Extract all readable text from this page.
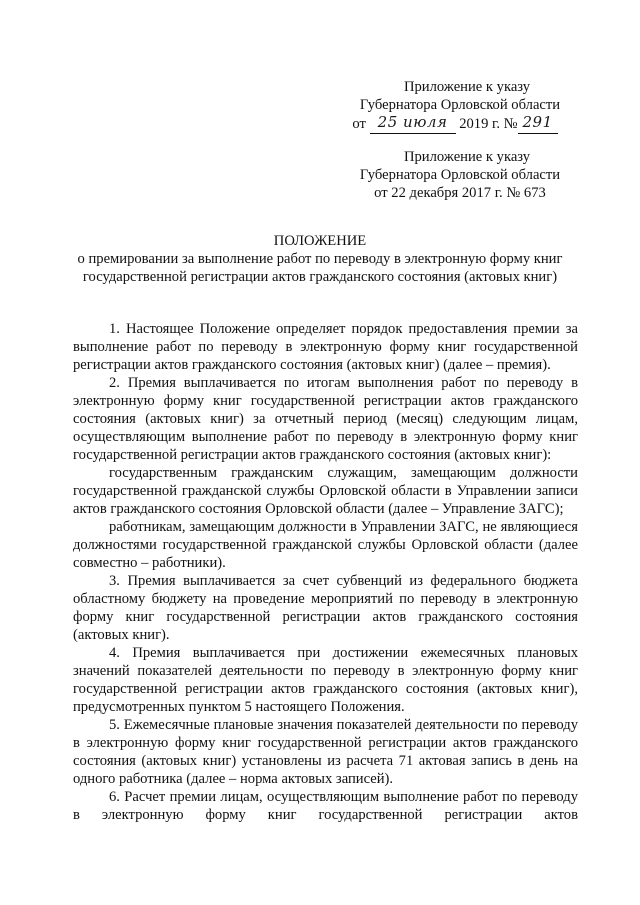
Приложение к указу
Губернатора Орловской области
от 25 июля 2019 г. № 291
Приложение к указу
Губернатора Орловской области
от 22 декабря 2017 г. № 673
ПОЛОЖЕНИЕ
о премировании за выполнение работ по переводу в электронную форму книг
государственной регистрации актов гражданского состояния (актовых книг)

1. Настоящее Положение определяет порядок предоставления премии за выполнение работ по переводу в электронную форму книг государственной регистрации актов гражданского состояния (актовых книг) (далее – премия).

2. Премия выплачивается по итогам выполнения работ по переводу в электронную форму книг государственной регистрации актов гражданского состояния (актовых книг) за отчетный период (месяц) следующим лицам, осуществляющим выполнение работ по переводу в электронную форму книг государственной регистрации актов гражданского состояния (актовых книг):

государственным гражданским служащим, замещающим должности государственной гражданской службы Орловской области в Управлении записи актов гражданского состояния Орловской области (далее – Управление ЗАГС);

работникам, замещающим должности в Управлении ЗАГС, не являющиеся должностями государственной гражданской службы Орловской области (далее совместно – работники).

3. Премия выплачивается за счет субвенций из федерального бюджета областному бюджету на проведение мероприятий по переводу в электронную форму книг государственной регистрации актов гражданского состояния (актовых книг).

4. Премия выплачивается при достижении ежемесячных плановых значений показателей деятельности по переводу в электронную форму книг государственной регистрации актов гражданского состояния (актовых книг), предусмотренных пунктом 5 настоящего Положения.

5. Ежемесячные плановые значения показателей деятельности по переводу в электронную форму книг государственной регистрации актов гражданского состояния (актовых книг) установлены из расчета 71 актовая запись в день на одного работника (далее – норма актовых записей).

6. Расчет премии лицам, осуществляющим выполнение работ по переводу в электронную форму книг государственной регистрации актов
